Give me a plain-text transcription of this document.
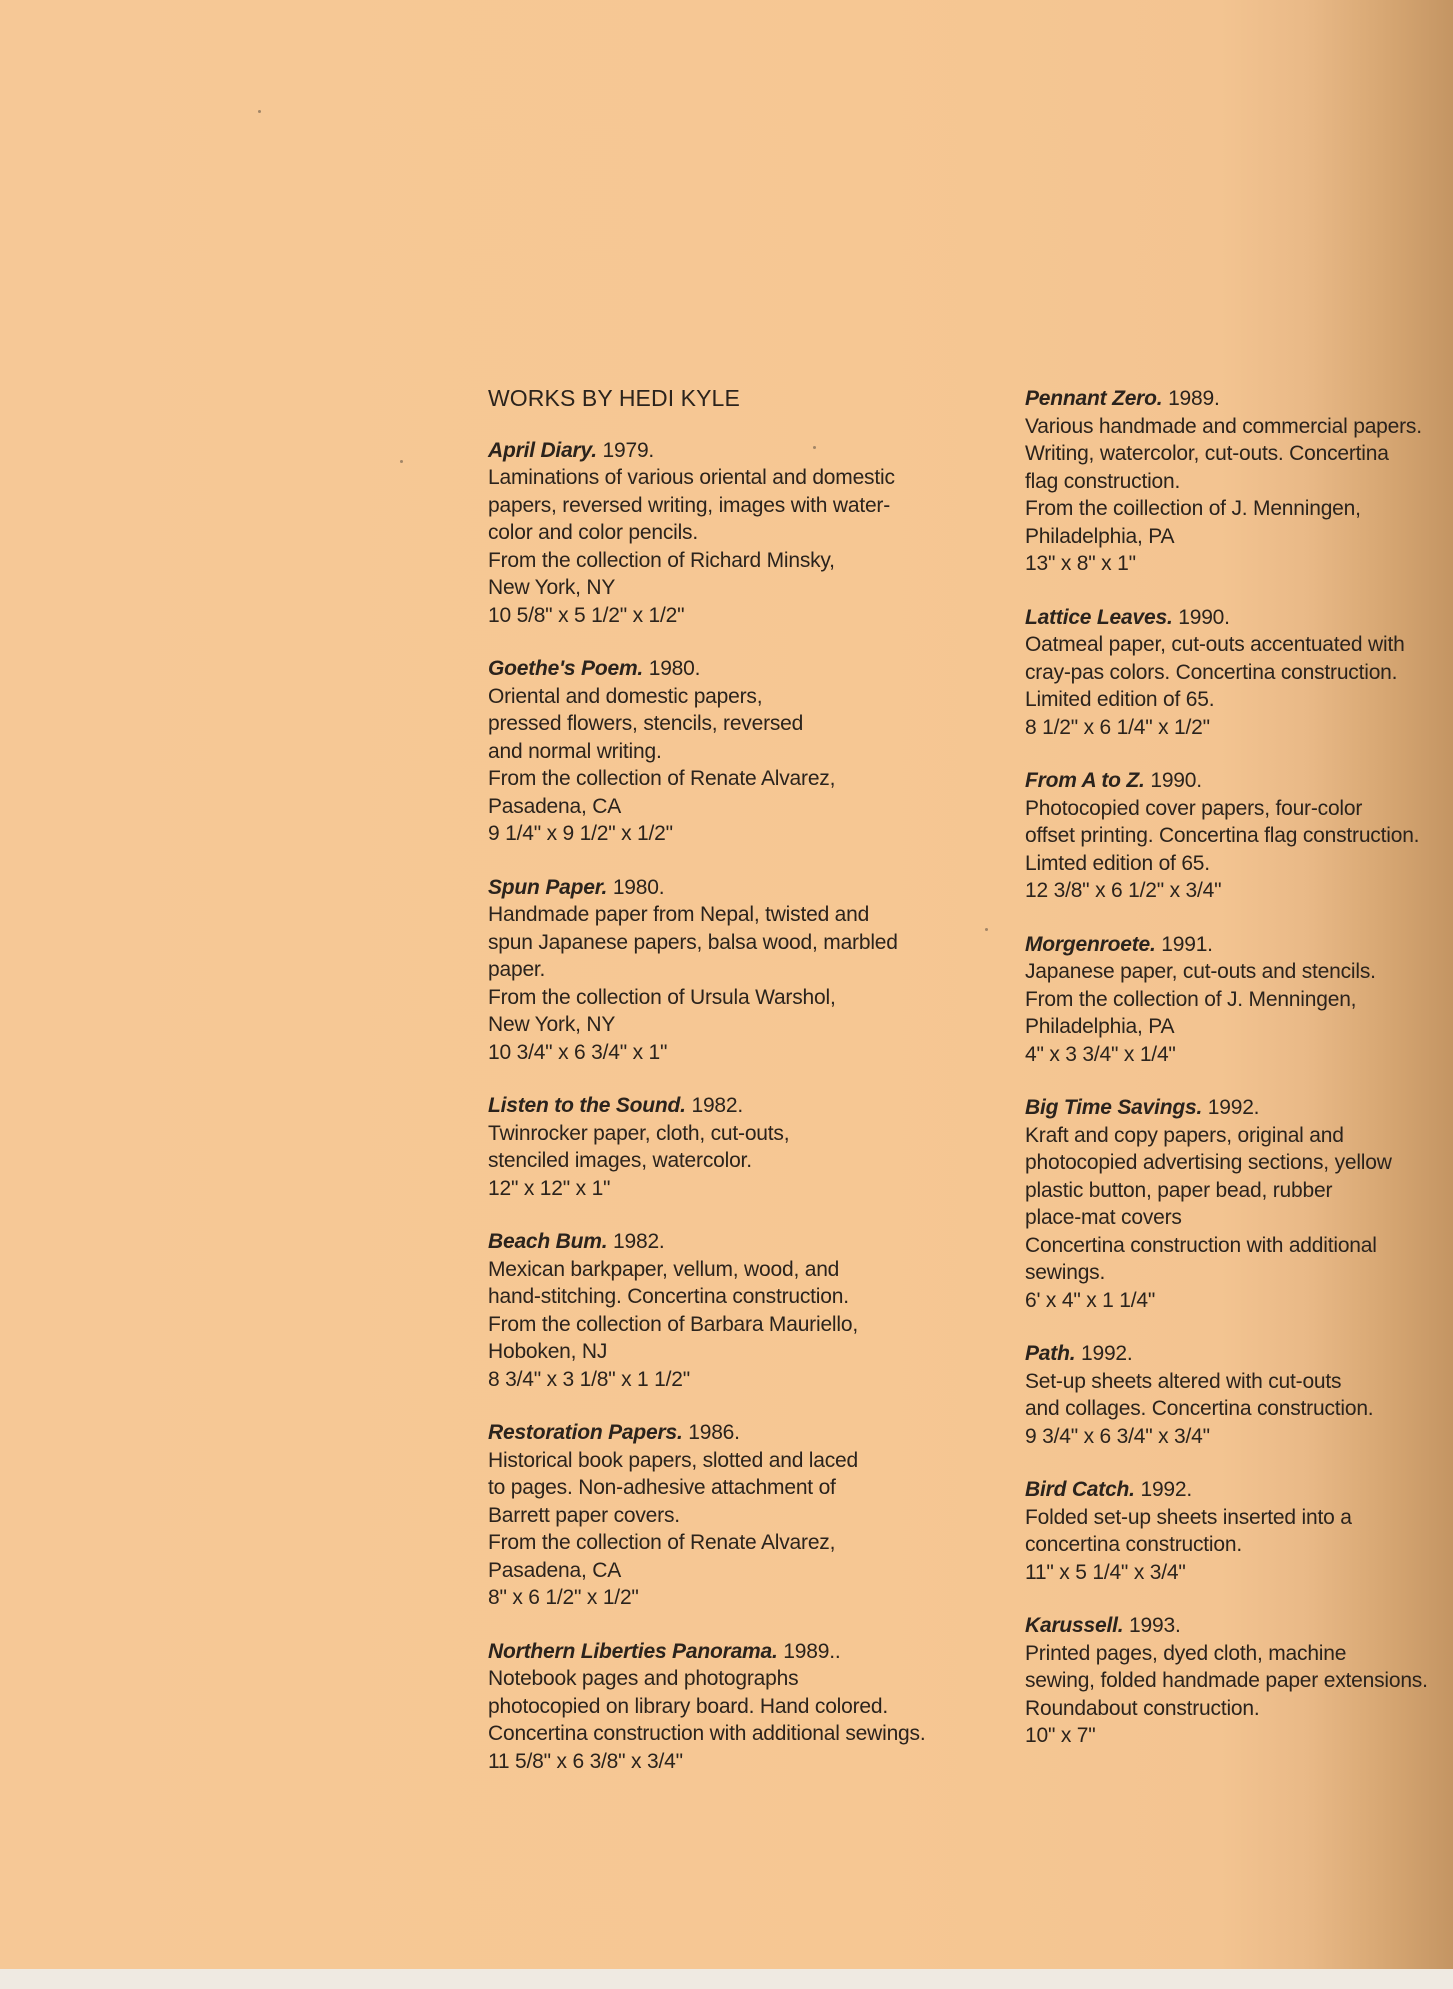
WORKS BY HEDI KYLE
April Diary. 1979.
Laminations of various oriental and domestic
papers, reversed writing, images with water-
color and color pencils.
From the collection of Richard Minsky,
New York, NY
10 5/8" x 5 1/2" x 1/2"
Goethe's Poem. 1980.
Oriental and domestic papers,
pressed flowers, stencils, reversed
and normal writing.
From the collection of Renate Alvarez,
Pasadena, CA
9 1/4" x 9 1/2" x 1/2"
Spun Paper. 1980.
Handmade paper from Nepal, twisted and
spun Japanese papers, balsa wood, marbled
paper.
From the collection of Ursula Warshol,
New York, NY
10 3/4" x 6 3/4" x 1"
Listen to the Sound. 1982.
Twinrocker paper, cloth, cut-outs,
stenciled images, watercolor.
12" x 12" x 1"
Beach Bum. 1982.
Mexican barkpaper, vellum, wood, and
hand-stitching. Concertina construction.
From the collection of Barbara Mauriello,
Hoboken, NJ
8 3/4" x 3 1/8" x 1 1/2"
Restoration Papers. 1986.
Historical book papers, slotted and laced
to pages. Non-adhesive attachment of
Barrett paper covers.
From the collection of Renate Alvarez,
Pasadena, CA
8" x 6 1/2" x 1/2"
Northern Liberties Panorama. 1989..
Notebook pages and photographs
photocopied on library board. Hand colored.
Concertina construction with additional sewings.
11 5/8" x 6 3/8" x 3/4"
Pennant Zero. 1989.
Various handmade and commercial papers.
Writing, watercolor, cut-outs. Concertina
flag construction.
From the coillection of J. Menningen,
Philadelphia, PA
13" x 8" x 1"
Lattice Leaves. 1990.
Oatmeal paper, cut-outs accentuated with
cray-pas colors. Concertina construction.
Limited edition of 65.
8 1/2" x 6 1/4" x 1/2"
From A to Z. 1990.
Photocopied cover papers, four-color
offset printing. Concertina flag construction.
Limted edition of 65.
12 3/8" x 6 1/2" x 3/4"
Morgenroete. 1991.
Japanese paper, cut-outs and stencils.
From the collection of J. Menningen,
Philadelphia, PA
4" x 3 3/4" x 1/4"
Big Time Savings. 1992.
Kraft and copy papers, original and
photocopied advertising sections, yellow
plastic button, paper bead, rubber
place-mat covers
Concertina construction with additional
sewings.
6' x 4" x 1 1/4"
Path. 1992.
Set-up sheets altered with cut-outs
and collages. Concertina construction.
9 3/4" x 6 3/4" x 3/4"
Bird Catch. 1992.
Folded set-up sheets inserted into a
concertina construction.
11" x 5 1/4" x 3/4"
Karussell. 1993.
Printed pages, dyed cloth, machine
sewing, folded handmade paper extensions.
Roundabout construction.
10" x 7"
